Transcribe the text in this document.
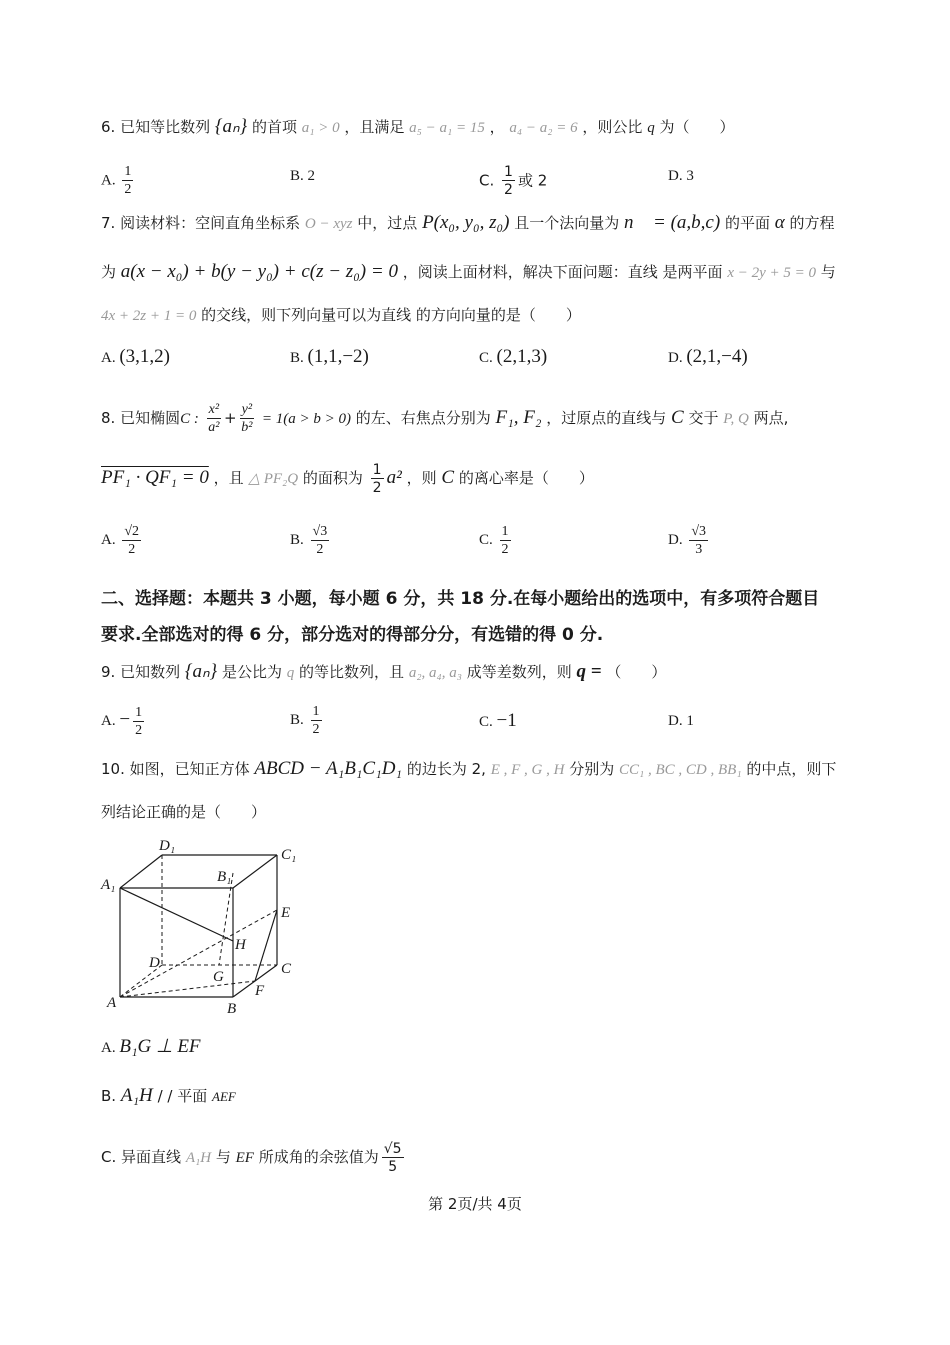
6. 已知等比数列 {aₙ} 的首项 a₁ > 0 ，且满足 a₅ − a₁ = 15 ， a₄ − a₂ = 6 ，则公比 q 为（　　）
A. $\frac{1}{2}$	B. 2	C. $\frac{1}{2}$ 或 2	D. 3
7. 阅读材料：空间直角坐标系 O − xyz 中，过点 P(x₀, y₀, z₀) 且一个法向量为 n⃗ = (a,b,c) 的平面 α 的方程
为 a(x − x₀) + b(y − y₀) + c(z − z₀) = 0 ，阅读上面材料，解决下面问题：直线 是两平面 x − 2y + 5 = 0 与
4x + 2z + 1 = 0 的交线，则下列向量可以为直线 的方向向量的是（　　）
A. (3,1,2)	B. (1,1,−2)	C. (2,1,3)	D. (2,1,−4)
8. 已知椭圆C : $\frac{\text{x²}}{\text{a²}} + \frac{\text{y²}}{\text{b²}} = 1(a > b > 0)$ 的左、右焦点分别为 F₁, F₂ ，过原点的直线与 C 交于 P, Q 两点,
PF₁ · QF₁ = 0 ，且 △ PF₂Q 的面积为 $\frac{1}{2} a^2$ ，则 C 的离心率是（　　）
A. $\frac{√2}{2}$	B. $\frac{√3}{2}$	C. $\frac{1}{2}$	D. $\frac{√3}{3}$
二、选择题：本题共 3 小题，每小题 6 分，共 18 分.在每小题给出的选项中，有多项符合题目
要求.全部选对的得 6 分，部分选对的得部分分，有选错的得 0 分.
9. 已知数列 {aₙ} 是公比为 q 的等比数列，且 a₂, a₄, a₃ 成等差数列，则 q = （　　）
A. − $\frac{1}{2}$	B. $\frac{1}{2}$	C. −1	D. 1
10. 如图，已知正方体 ABCD − A₁B₁C₁D₁ 的边长为 2, E , F , G , H 分别为 CC₁ , BC , CD , BB₁ 的中点，则下
列结论正确的是（　　）
D₁
C₁
A₁	B₁
E
H
D
G	C
A
F
B
A. B₁G ⊥ EF
B. A₁H / / 平面 AEF
C. 异面直线 A₁H 与 EF 所成角的余弦值为 $\frac{√5}{5}$
第 2页/共 4页
